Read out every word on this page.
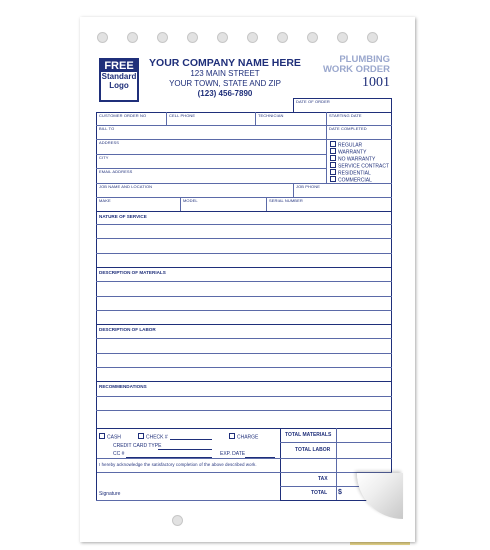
FREE
Standard
Logo
YOUR COMPANY NAME HERE
123 MAIN STREET
YOUR TOWN, STATE AND ZIP
(123) 456-7890
PLUMBING
WORK ORDER
1001
DATE OF ORDER
CUSTOMER ORDER NO	CELL PHONE	TECHNICIAN	STARTING DATE
BILL TO	DATE COMPLETED
ADDRESS
CITY
EMAIL ADDRESS
JOB NAME AND LOCATION	JOB PHONE
MAKE	MODEL	SERIAL NUMBER
REGULAR
WARRANTY
NO WARRANTY
SERVICE CONTRACT
RESIDENTIAL
COMMERCIAL
NATURE OF SERVICE
DESCRIPTION OF MATERIALS
DESCRIPTION OF LABOR
RECOMMENDATIONS
CASH	CHECK #	CHARGE
CREDIT CARD TYPE
CC #	EXP. DATE
I hereby acknowledge the satisfactory completion of the above described work.
Signature
TOTAL MATERIALS
TOTAL LABOR
TAX
TOTAL $
